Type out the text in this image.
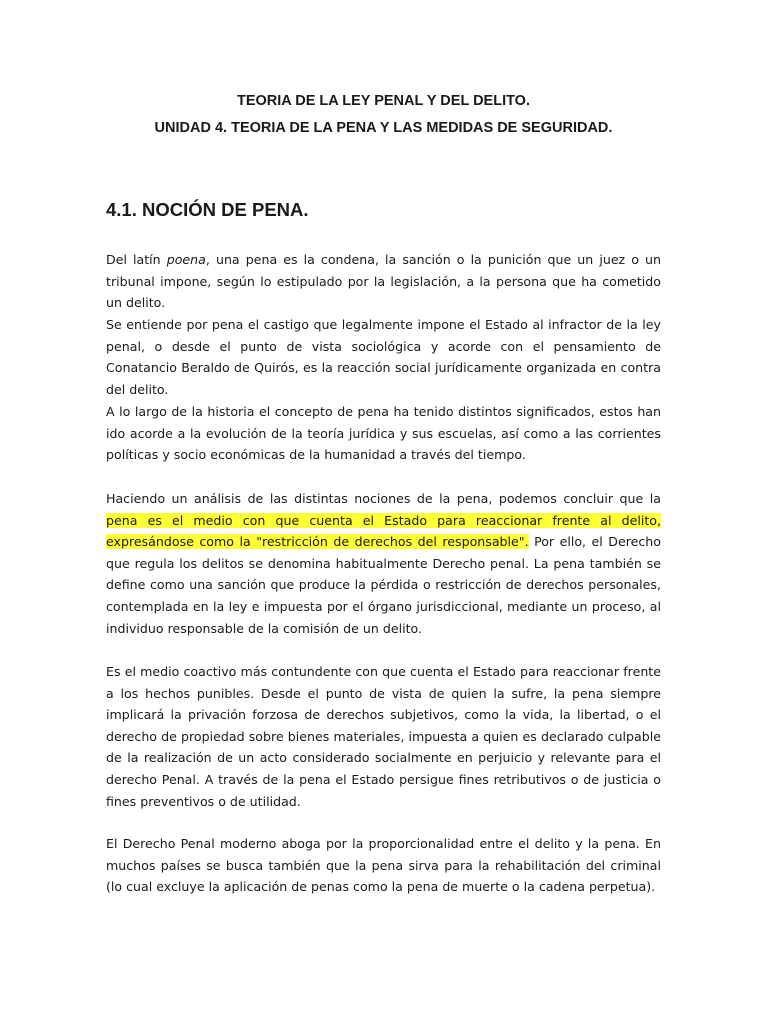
TEORIA DE LA LEY PENAL Y DEL DELITO.

UNIDAD 4. TEORIA DE LA PENA Y LAS MEDIDAS DE SEGURIDAD.

4.1. NOCIÓN DE PENA.

Del latín poena, una pena es la condena, la sanción o la punición que un juez o un tribunal impone, según lo estipulado por la legislación, a la persona que ha cometido un delito.

Se entiende por pena el castigo que legalmente impone el Estado al infractor de la ley penal, o desde el punto de vista sociológica y acorde con el pensamiento de Conatancio Beraldo de Quirós, es la reacción social jurídicamente organizada en contra del delito.

A lo largo de la historia el concepto de pena ha tenido distintos significados, estos han ido acorde a la evolución de la teoría jurídica y sus escuelas, así como a las corrientes políticas y socio económicas de la humanidad a través del tiempo.

Haciendo un análisis de las distintas nociones de la pena, podemos concluir que la pena es el medio con que cuenta el Estado para reaccionar frente al delito, expresándose como la "restricción de derechos del responsable". Por ello, el Derecho que regula los delitos se denomina habitualmente Derecho penal. La pena también se define como una sanción que produce la pérdida o restricción de derechos personales, contemplada en la ley e impuesta por el órgano jurisdiccional, mediante un proceso, al individuo responsable de la comisión de un delito.

Es el medio coactivo más contundente con que cuenta el Estado para reaccionar frente a los hechos punibles. Desde el punto de vista de quien la sufre, la pena siempre implicará la privación forzosa de derechos subjetivos, como la vida, la libertad, o el derecho de propiedad sobre bienes materiales, impuesta a quien es declarado culpable de la realización de un acto considerado socialmente en perjuicio y relevante para el derecho Penal. A través de la pena el Estado persigue fines retributivos o de justicia o fines preventivos o de utilidad.

El Derecho Penal moderno aboga por la proporcionalidad entre el delito y la pena. En muchos países se busca también que la pena sirva para la rehabilitación del criminal (lo cual excluye la aplicación de penas como la pena de muerte o la cadena perpetua).
